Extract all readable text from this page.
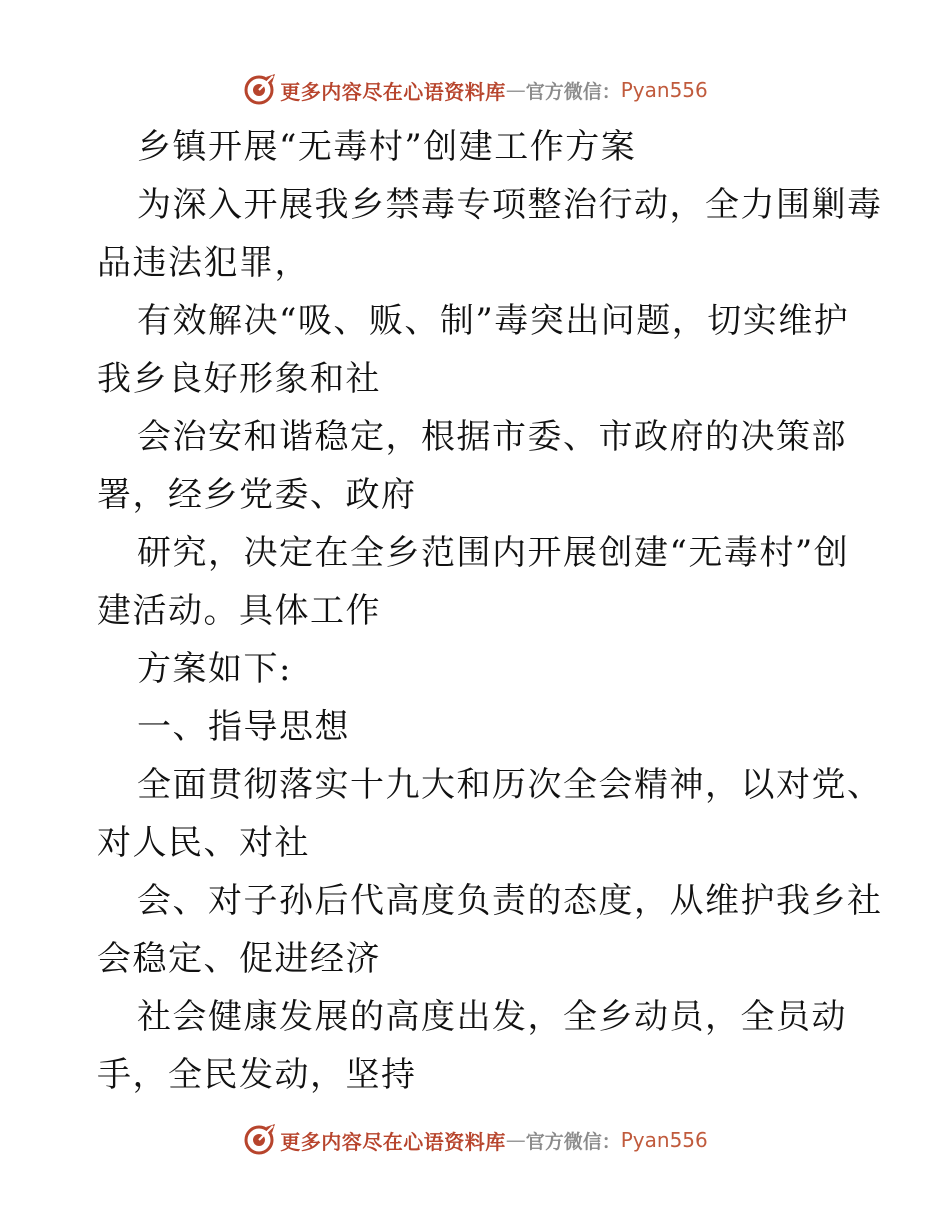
更多内容尽在心语资料库 — 官方微信： Pyan556

乡镇开展“无毒村”创建工作方案

为深入开展我乡禁毒专项整治行动，全力围剿毒

品违法犯罪，

有效解决“吸、贩、制”毒突出问题，切实维护

我乡良好形象和社

会治安和谐稳定，根据市委、市政府的决策部

署，经乡党委、政府

研究，决定在全乡范围内开展创建“无毒村”创

建活动。具体工作

方案如下:

一、指导思想

全面贯彻落实十九大和历次全会精神，以对党、

对人民、对社

会、对子孙后代高度负责的态度，从维护我乡社

会稳定、促进经济

社会健康发展的高度出发，全乡动员，全员动

手，全民发动，坚持

更多内容尽在心语资料库 — 官方微信： Pyan556
